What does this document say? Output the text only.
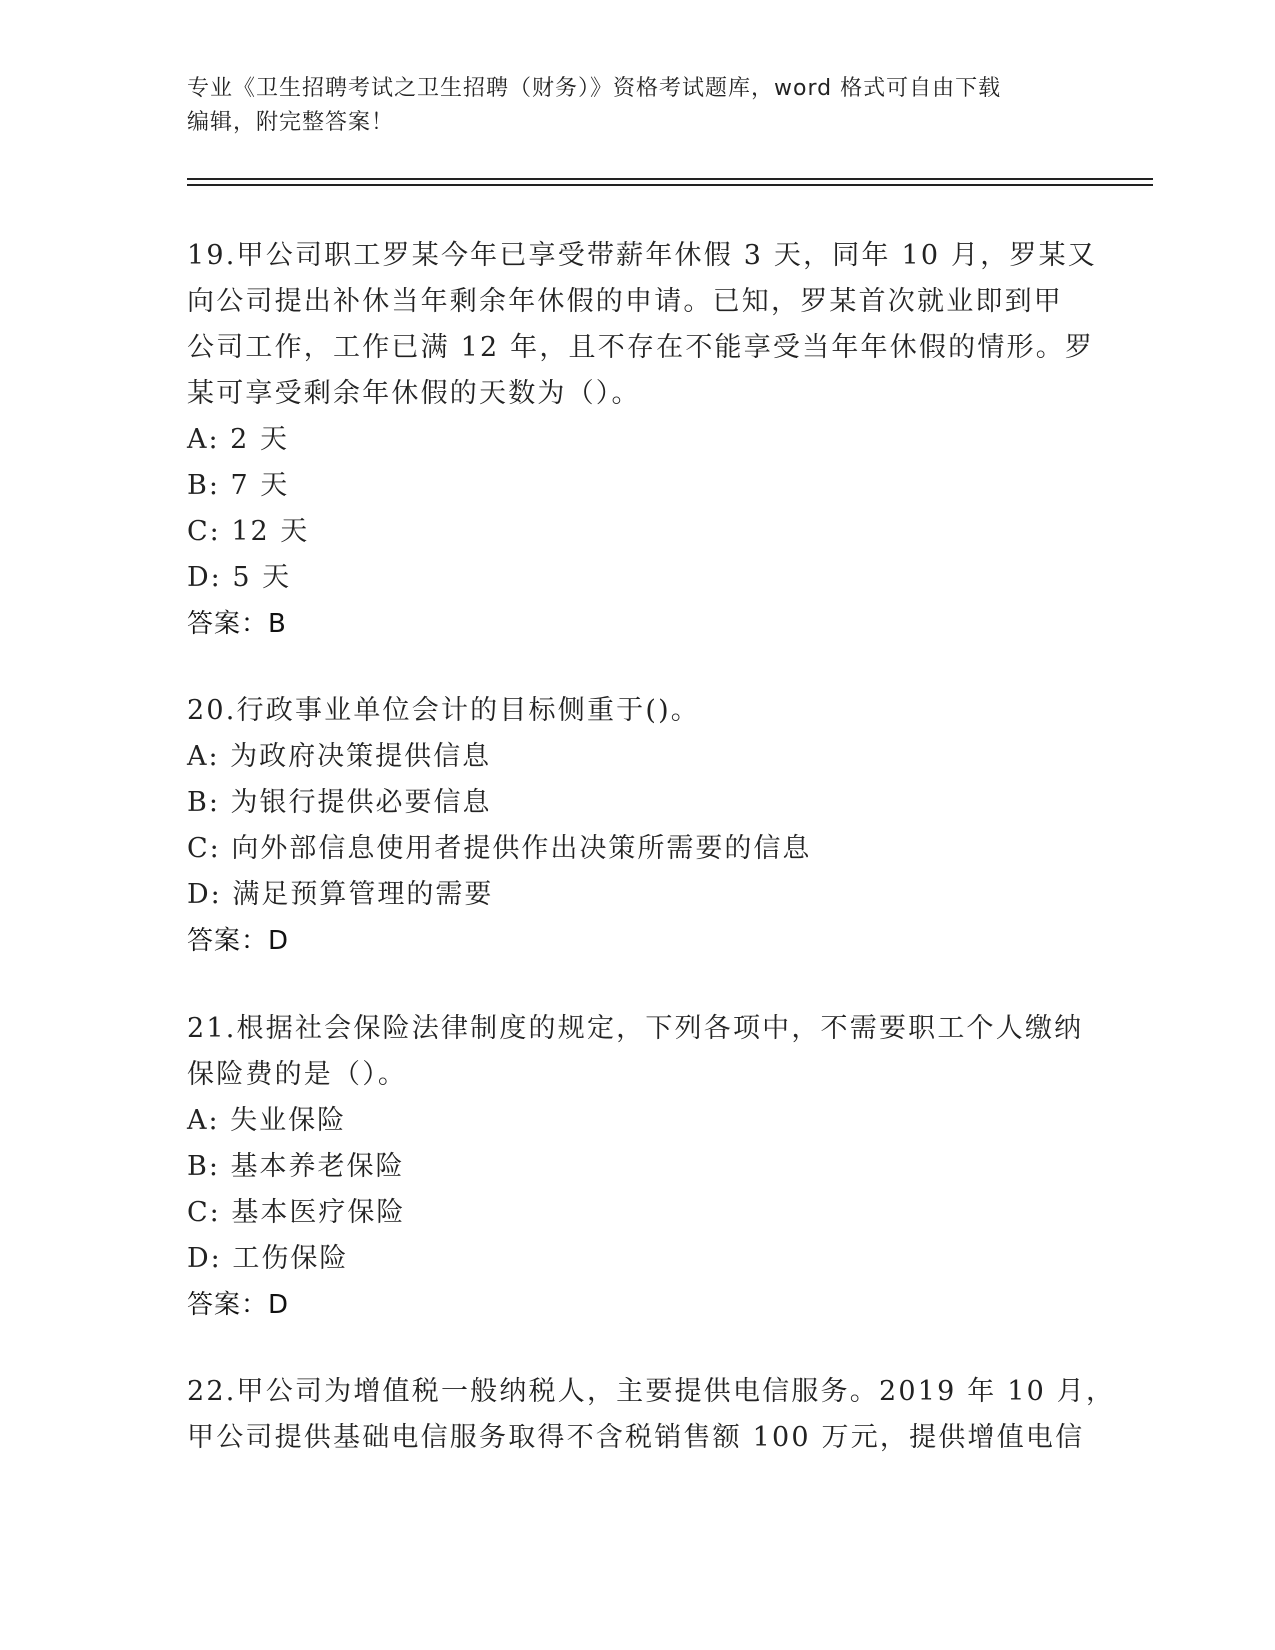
专业《卫生招聘考试之卫生招聘（财务）》资格考试题库，word 格式可自由下载
编辑，附完整答案！
19.甲公司职工罗某今年已享受带薪年休假 3 天，同年 10 月，罗某又
向公司提出补休当年剩余年休假的申请。已知，罗某首次就业即到甲
公司工作，工作已满 12 年，且不存在不能享受当年年休假的情形。罗
某可享受剩余年休假的天数为（）。
A: 2 天
B: 7 天
C: 12 天
D: 5 天
答案：B
20.行政事业单位会计的目标侧重于()。
A: 为政府决策提供信息
B: 为银行提供必要信息
C: 向外部信息使用者提供作出决策所需要的信息
D: 满足预算管理的需要
答案：D
21.根据社会保险法律制度的规定，下列各项中，不需要职工个人缴纳
保险费的是（）。
A: 失业保险
B: 基本养老保险
C: 基本医疗保险
D: 工伤保险
答案：D
22.甲公司为增值税一般纳税人，主要提供电信服务。2019 年 10 月，
甲公司提供基础电信服务取得不含税销售额 100 万元，提供增值电信
